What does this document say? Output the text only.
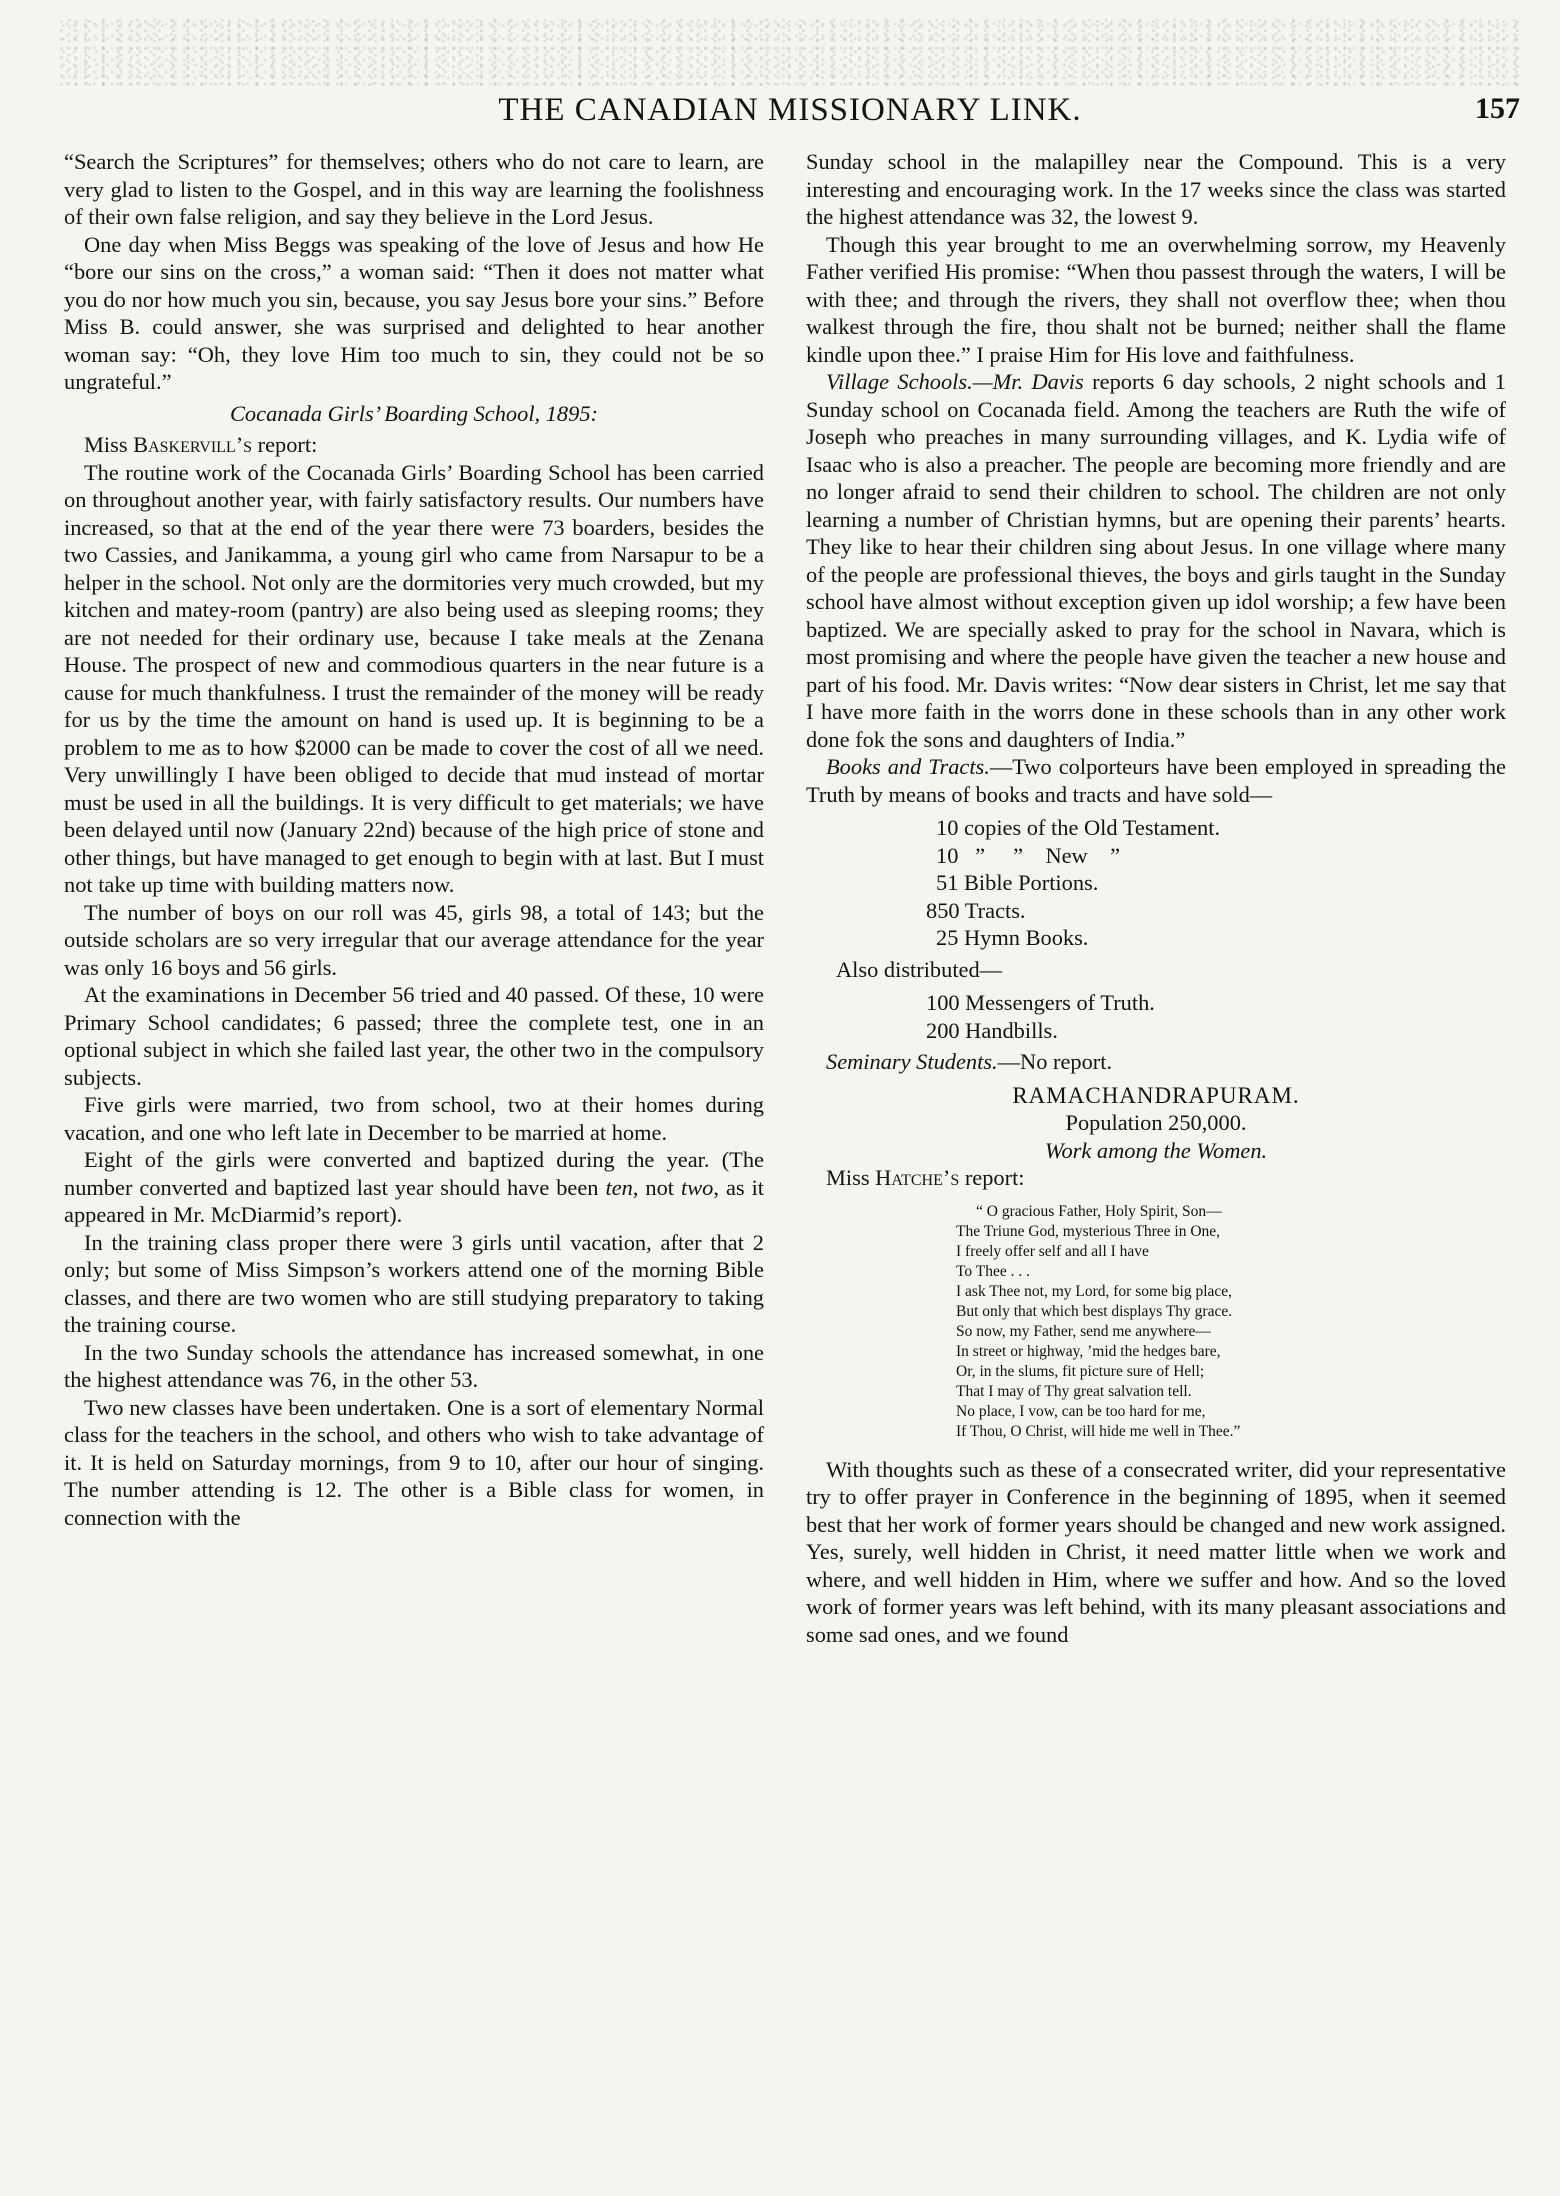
THE CANADIAN MISSIONARY LINK.	157

“Search the Scriptures” for themselves; others who do not care to learn, are very glad to listen to the Gospel, and in this way are learning the foolishness of their own false religion, and say they believe in the Lord Jesus.

One day when Miss Beggs was speaking of the love of Jesus and how He “bore our sins on the cross,” a woman said: “Then it does not matter what you do nor how much you sin, because, you say Jesus bore your sins.” Before Miss B. could answer, she was surprised and delighted to hear another woman say: “Oh, they love Him too much to sin, they could not be so ungrateful.”

Cocanada Girls’ Boarding School, 1895:

Miss Baskervill’s report:

The routine work of the Cocanada Girls’ Boarding School has been carried on throughout another year, with fairly satisfactory results. Our numbers have increased, so that at the end of the year there were 73 boarders, besides the two Cassies, and Janikamma, a young girl who came from Narsapur to be a helper in the school. Not only are the dormitories very much crowded, but my kitchen and matey-room (pantry) are also being used as sleeping rooms; they are not needed for their ordinary use, because I take meals at the Zenana House. The prospect of new and commodious quarters in the near future is a cause for much thankfulness. I trust the remainder of the money will be ready for us by the time the amount on hand is used up. It is beginning to be a problem to me as to how $2000 can be made to cover the cost of all we need. Very unwillingly I have been obliged to decide that mud instead of mortar must be used in all the buildings. It is very difficult to get materials; we have been delayed until now (January 22nd) because of the high price of stone and other things, but have managed to get enough to begin with at last. But I must not take up time with building matters now.

The number of boys on our roll was 45, girls 98, a total of 143; but the outside scholars are so very irregular that our average attendance for the year was only 16 boys and 56 girls.

At the examinations in December 56 tried and 40 passed. Of these, 10 were Primary School candidates; 6 passed; three the complete test, one in an optional subject in which she failed last year, the other two in the compulsory subjects.

Five girls were married, two from school, two at their homes during vacation, and one who left late in December to be married at home.

Eight of the girls were converted and baptized during the year. (The number converted and baptized last year should have been ten, not two, as it appeared in Mr. McDiarmid’s report).

In the training class proper there were 3 girls until vacation, after that 2 only; but some of Miss Simpson’s workers attend one of the morning Bible classes, and there are two women who are still studying preparatory to taking the training course.

In the two Sunday schools the attendance has increased somewhat, in one the highest attendance was 76, in the other 53.

Two new classes have been undertaken. One is a sort of elementary Normal class for the teachers in the school, and others who wish to take advantage of it. It is held on Saturday mornings, from 9 to 10, after our hour of singing. The number attending is 12. The other is a Bible class for women, in connection with the

Sunday school in the malapilley near the Compound. This is a very interesting and encouraging work. In the 17 weeks since the class was started the highest attendance was 32, the lowest 9.

Though this year brought to me an overwhelming sorrow, my Heavenly Father verified His promise: “When thou passest through the waters, I will be with thee; and through the rivers, they shall not overflow thee; when thou walkest through the fire, thou shalt not be burned; neither shall the flame kindle upon thee.” I praise Him for His love and faithfulness.

Village Schools.—Mr. Davis reports 6 day schools, 2 night schools and 1 Sunday school on Cocanada field. Among the teachers are Ruth the wife of Joseph who preaches in many surrounding villages, and K. Lydia wife of Isaac who is also a preacher. The people are becoming more friendly and are no longer afraid to send their children to school. The children are not only learning a number of Christian hymns, but are opening their parents’ hearts. They like to hear their children sing about Jesus. In one village where many of the people are professional thieves, the boys and girls taught in the Sunday school have almost without exception given up idol worship; a few have been baptized. We are specially asked to pray for the school in Navara, which is most promising and where the people have given the teacher a new house and part of his food. Mr. Davis writes: “Now dear sisters in Christ, let me say that I have more faith in the worrs done in these schools than in any other work done fok the sons and daughters of India.”

Books and Tracts.—Two colporteurs have been employed in spreading the Truth by means of books and tracts and have sold—

10 copies of the Old Testament.
10   ”     ”    New    ”
51 Bible Portions.
850 Tracts.
25 Hymn Books.

Also distributed—

100 Messengers of Truth.
200 Handbills.

Seminary Students.—No report.

RAMACHANDRAPURAM.

Population 250,000.

Work among the Women.

Miss Hatche’s report:

“ O gracious Father, Holy Spirit, Son—
The Triune God, mysterious Three in One,
I freely offer self and all I have
To Thee . . .
I ask Thee not, my Lord, for some big place,
But only that which best displays Thy grace.
So now, my Father, send me anywhere—
In street or highway, ’mid the hedges bare,
Or, in the slums, fit picture sure of Hell;
That I may of Thy great salvation tell.
No place, I vow, can be too hard for me,
If Thou, O Christ, will hide me well in Thee.”

With thoughts such as these of a consecrated writer, did your representative try to offer prayer in Conference in the beginning of 1895, when it seemed best that her work of former years should be changed and new work assigned. Yes, surely, well hidden in Christ, it need matter little when we work and where, and well hidden in Him, where we suffer and how. And so the loved work of former years was left behind, with its many pleasant associations and some sad ones, and we found
